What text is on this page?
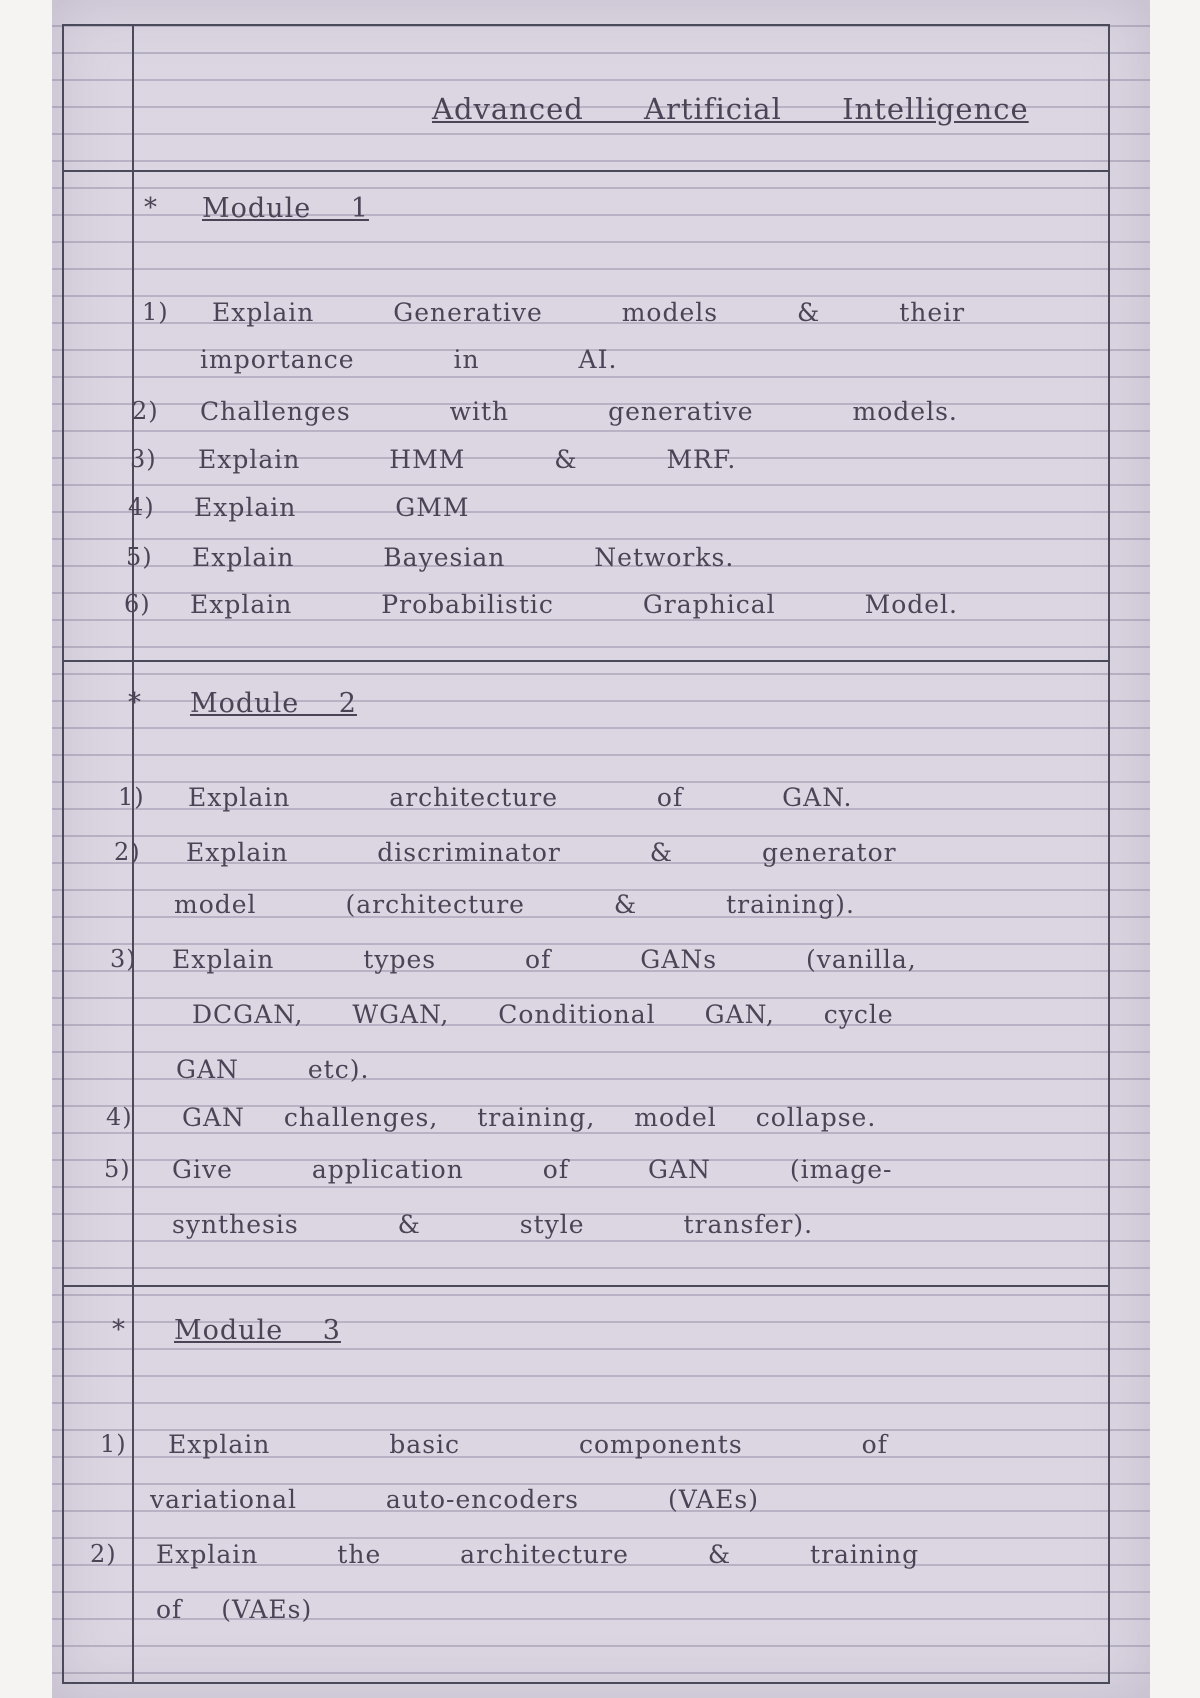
Advanced Artificial Intelligence
* Module 1
1) Explain Generative models & their
importance in AI.
2) Challenges with generative models.
3) Explain HMM & MRF.
4) Explain GMM
5) Explain Bayesian Networks.
6) Explain Probabilistic Graphical Model.
* Module 2
1) Explain architecture of GAN.
2) Explain discriminator & generator
model (architecture & training).
3) Explain types of GANs (vanilla,
DCGAN, WGAN, Conditional GAN, cycle
GAN etc).
4) GAN challenges, training, model collapse.
5) Give application of GAN (image-
synthesis & style transfer).
* Module 3
1) Explain basic components of
variational auto-encoders (VAEs)
2) Explain the architecture & training
of (VAEs)
